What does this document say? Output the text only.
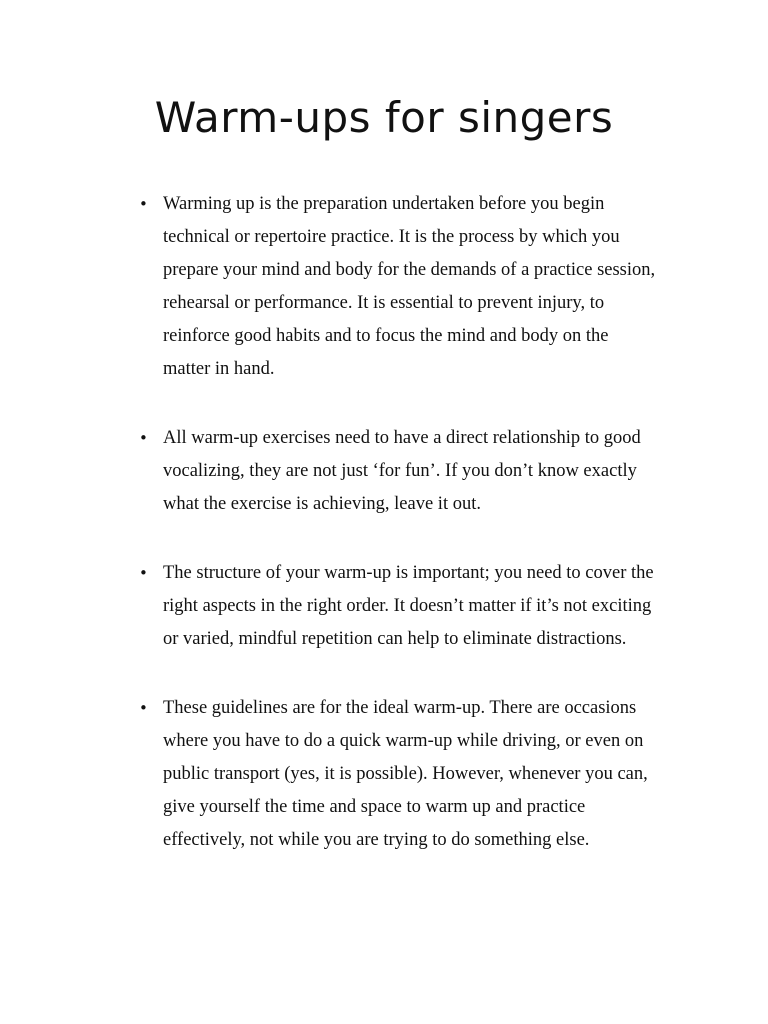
Warm-ups for singers
• Warming up is the preparation undertaken before you begin technical or repertoire practice. It is the process by which you prepare your mind and body for the demands of a practice session, rehearsal or performance. It is essential to prevent injury, to reinforce good habits and to focus the mind and body on the matter in hand.
• All warm-up exercises need to have a direct relationship to good vocalizing, they are not just ‘for fun’. If you don’t know exactly what the exercise is achieving, leave it out.
• The structure of your warm-up is important; you need to cover the right aspects in the right order. It doesn’t matter if it’s not exciting or varied, mindful repetition can help to eliminate distractions.
• These guidelines are for the ideal warm-up. There are occasions where you have to do a quick warm-up while driving, or even on public transport (yes, it is possible). However, whenever you can, give yourself the time and space to warm up and practice effectively, not while you are trying to do something else.
